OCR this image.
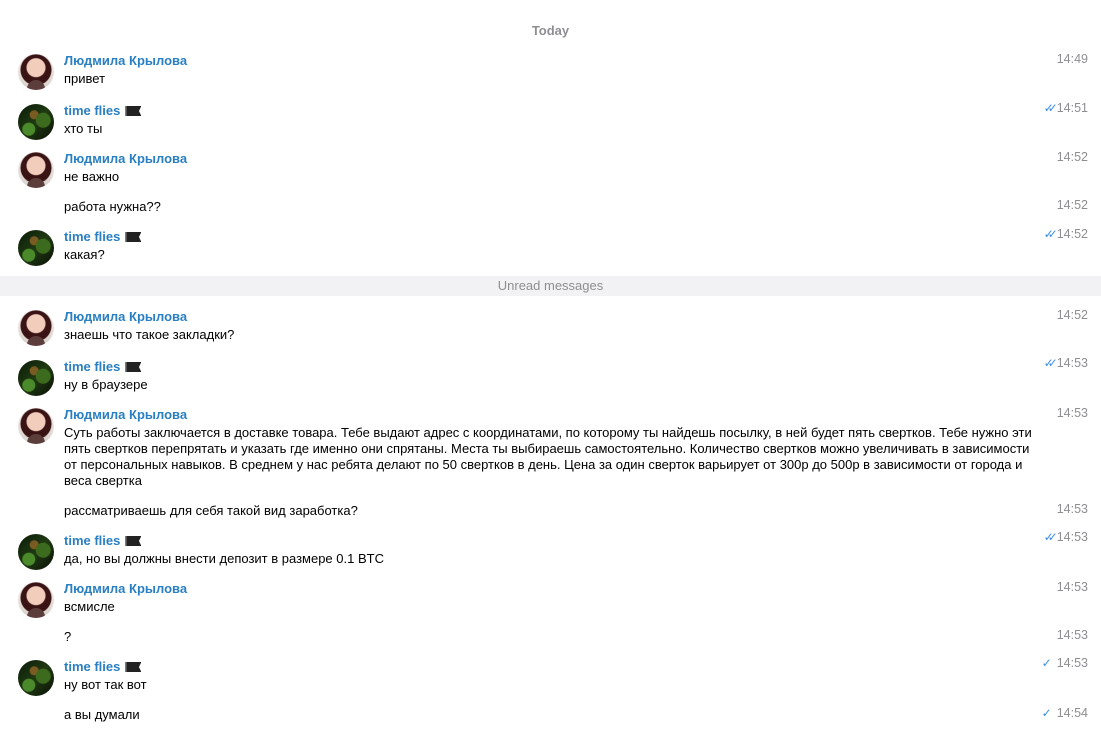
Today
Людмила Крылова
привет
14:49
time flies
хто ты
✓✓ 14:51
Людмила Крылова
не важно
14:52
работа нужна??	14:52
time flies
какая?
✓✓ 14:52
Unread messages
Людмила Крылова
знаешь что такое закладки?
14:52
time flies
ну в браузере
✓✓ 14:53
Людмила Крылова
Суть работы заключается в доставке товара. Тебе выдают адрес с координатами, по которому ты найдешь посылку, в ней будет пять свертков. Тебе нужно эти пять свертков перепрятать и указать где именно они спрятаны. Места ты выбираешь самостоятельно. Количество свертков можно увеличивать в зависимости от персональных навыков. В среднем у нас ребята делают по 50 свертков в день. Цена за один сверток варьирует от 300р до 500р в зависимости от города и веса свертка
14:53
рассматриваешь для себя такой вид заработка?	14:53
time flies
да, но вы должны внести депозит в размере 0.1 BTC
✓✓ 14:53
Людмила Крылова
всмисле
14:53
?	14:53
time flies
ну вот так вот
✓ 14:53
а вы думали	✓ 14:54
